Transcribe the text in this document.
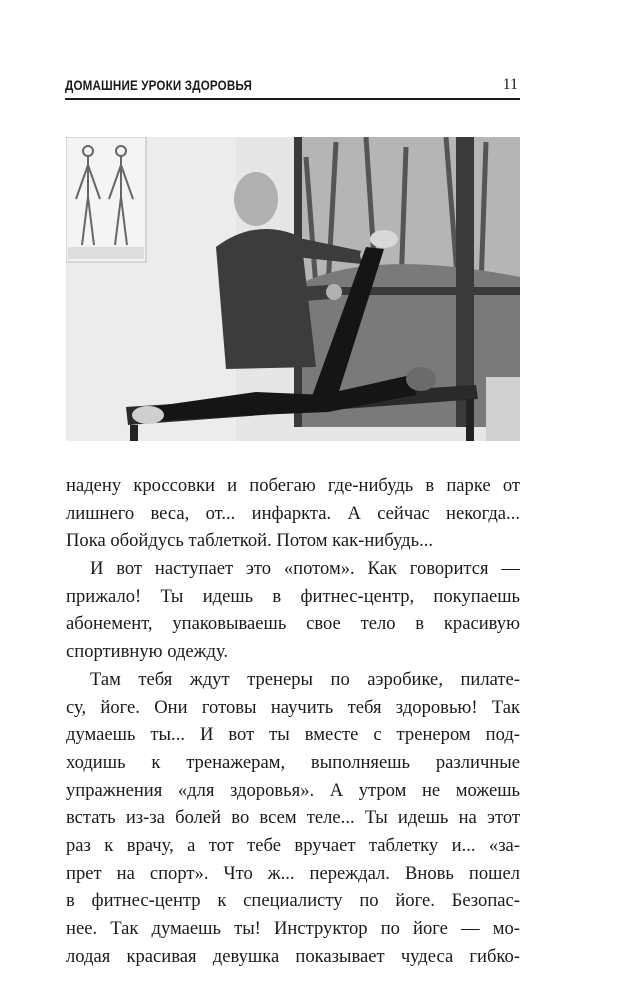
ДОМАШНИЕ УРОКИ ЗДОРОВЬЯ	11
надену кроссовки и побегаю где-нибудь в парке от
лишнего веса, от... инфаркта. А сейчас некогда...
Пока обойдусь таблеткой. Потом как-нибудь...
И вот наступает это «потом». Как говорится —
прижало! Ты идешь в фитнес-центр, покупаешь
абонемент, упаковываешь свое тело в красивую
спортивную одежду.
Там тебя ждут тренеры по аэробике, пилате-
су, йоге. Они готовы научить тебя здоровью! Так
думаешь ты... И вот ты вместе с тренером под-
ходишь к тренажерам, выполняешь различные
упражнения «для здоровья». А утром не можешь
встать из-за болей во всем теле... Ты идешь на этот
раз к врачу, а тот тебе вручает таблетку и... «за-
прет на спорт». Что ж... переждал. Вновь пошел
в фитнес-центр к специалисту по йоге. Безопас-
нее. Так думаешь ты! Инструктор по йоге — мо-
лодая красивая девушка показывает чудеса гибко-
